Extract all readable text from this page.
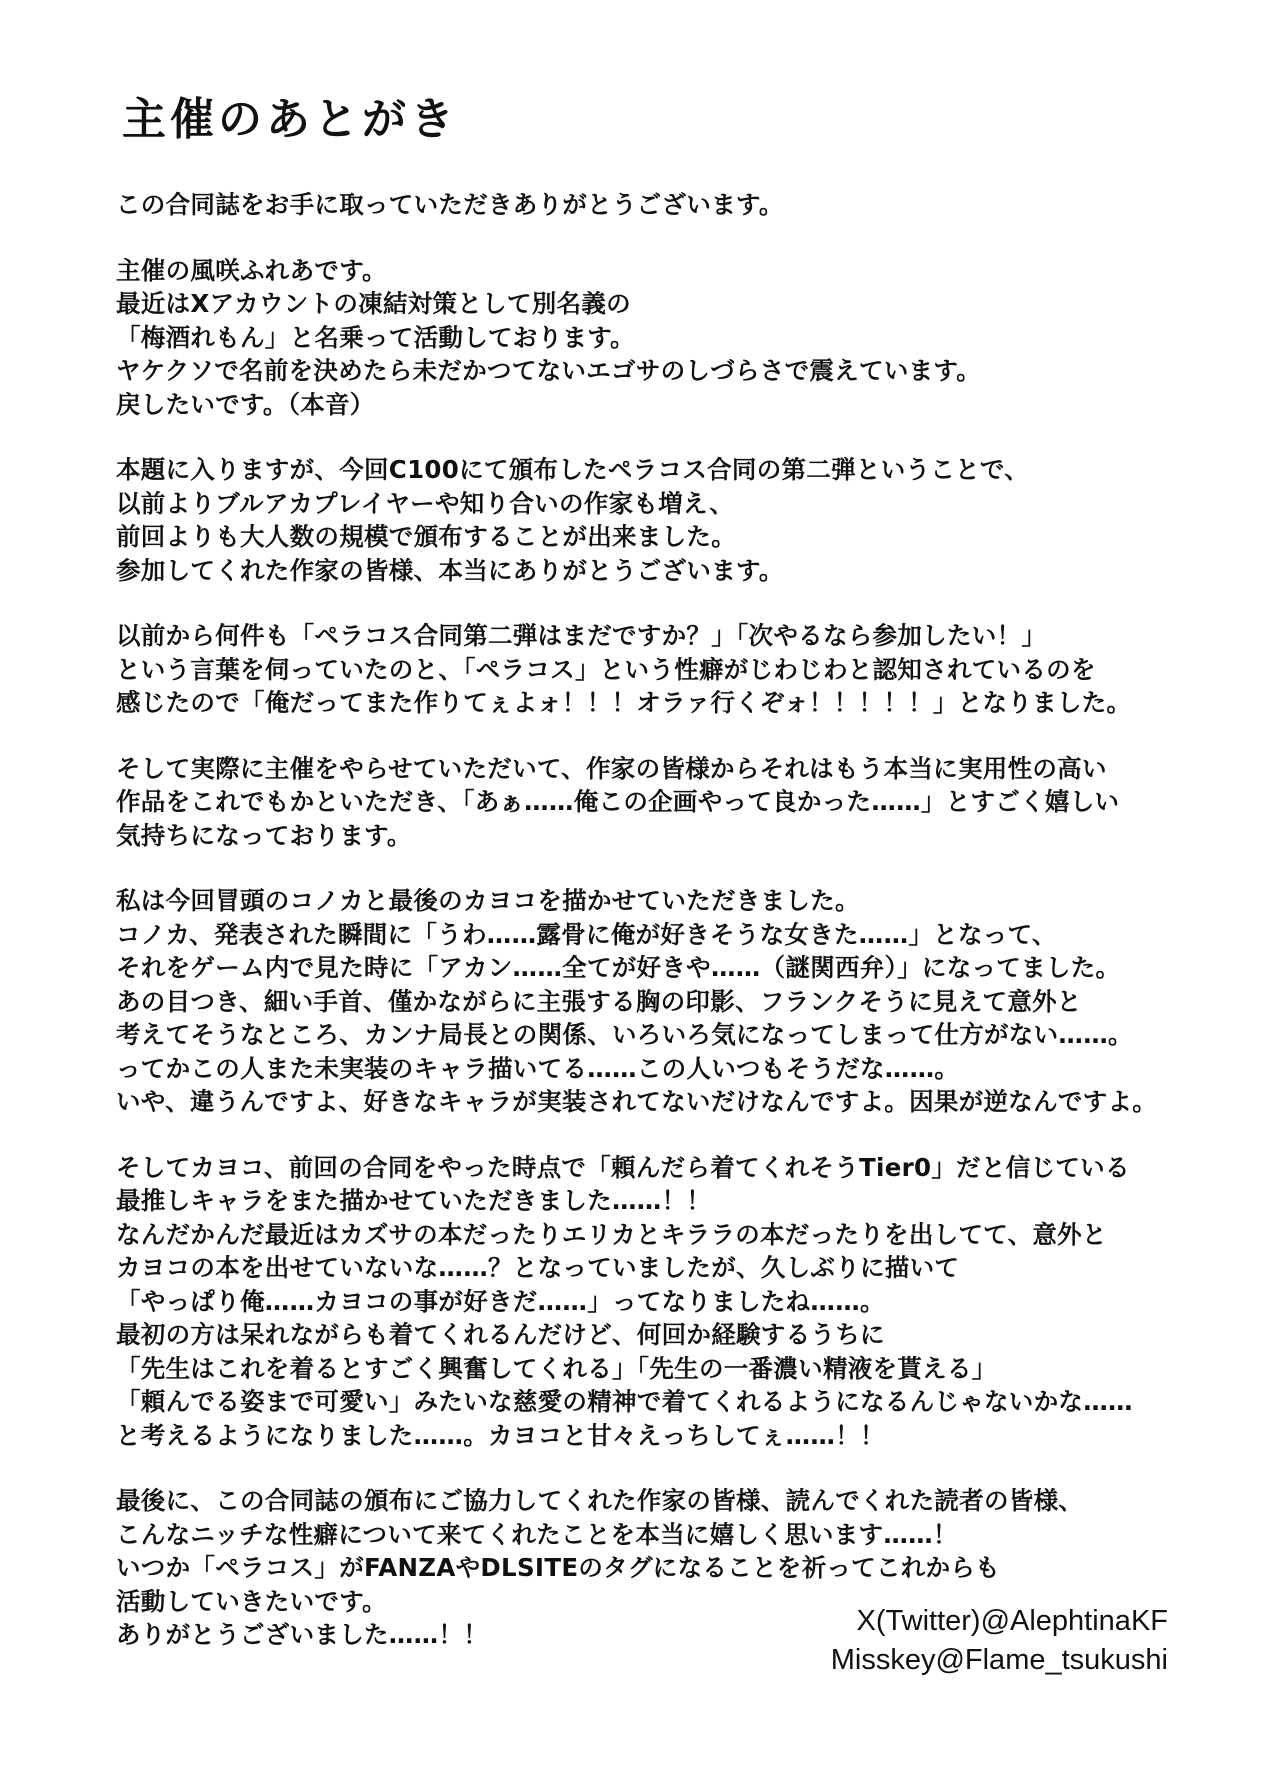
主催のあとがき
この合同誌をお手に取っていただきありがとうございます。
主催の風咲ふれあです。
最近はXアカウントの凍結対策として別名義の
「梅酒れもん」と名乗って活動しております。
ヤケクソで名前を決めたら未だかつてないエゴサのしづらさで震えています。
戻したいです。（本音）
本題に入りますが、今回C100にて頒布したペラコス合同の第二弾ということで、
以前よりブルアカプレイヤーや知り合いの作家も増え、
前回よりも大人数の規模で頒布することが出来ました。
参加してくれた作家の皆様、本当にありがとうございます。
以前から何件も「ペラコス合同第二弾はまだですか？」「次やるなら参加したい！」
という言葉を伺っていたのと、「ペラコス」という性癖がじわじわと認知されているのを
感じたので「俺だってまた作りてぇよォ！！！オラァ行くぞォ！！！！！」となりました。
そして実際に主催をやらせていただいて、作家の皆様からそれはもう本当に実用性の高い
作品をこれでもかといただき、「あぁ……俺この企画やって良かった……」とすごく嬉しい
気持ちになっております。
私は今回冒頭のコノカと最後のカヨコを描かせていただきました。
コノカ、発表された瞬間に「うわ……露骨に俺が好きそうな女きた……」となって、
それをゲーム内で見た時に「アカン……全てが好きや……（謎関西弁）」になってました。
あの目つき、細い手首、僅かながらに主張する胸の印影、フランクそうに見えて意外と
考えてそうなところ、カンナ局長との関係、いろいろ気になってしまって仕方がない……。
ってかこの人また未実装のキャラ描いてる……この人いつもそうだな……。
いや、違うんですよ、好きなキャラが実装されてないだけなんですよ。因果が逆なんですよ。
そしてカヨコ、前回の合同をやった時点で「頼んだら着てくれそうTier0」だと信じている
最推しキャラをまた描かせていただきました……！！
なんだかんだ最近はカズサの本だったりエリカとキララの本だったりを出してて、意外と
カヨコの本を出せていないな……？となっていましたが、久しぶりに描いて
「やっぱり俺……カヨコの事が好きだ……」ってなりましたね……。
最初の方は呆れながらも着てくれるんだけど、何回か経験するうちに
「先生はこれを着るとすごく興奮してくれる」「先生の一番濃い精液を貰える」
「頼んでる姿まで可愛い」みたいな慈愛の精神で着てくれるようになるんじゃないかな……
と考えるようになりました……。カヨコと甘々えっちしてぇ……！！
最後に、この合同誌の頒布にご協力してくれた作家の皆様、読んでくれた読者の皆様、
こんなニッチな性癖について来てくれたことを本当に嬉しく思います……！
いつか「ペラコス」がFANZAやDLSITEのタグになることを祈ってこれからも
活動していきたいです。
ありがとうございました……！！	X(Twitter)@AlephtinaKF
Misskey@Flame_tsukushi
